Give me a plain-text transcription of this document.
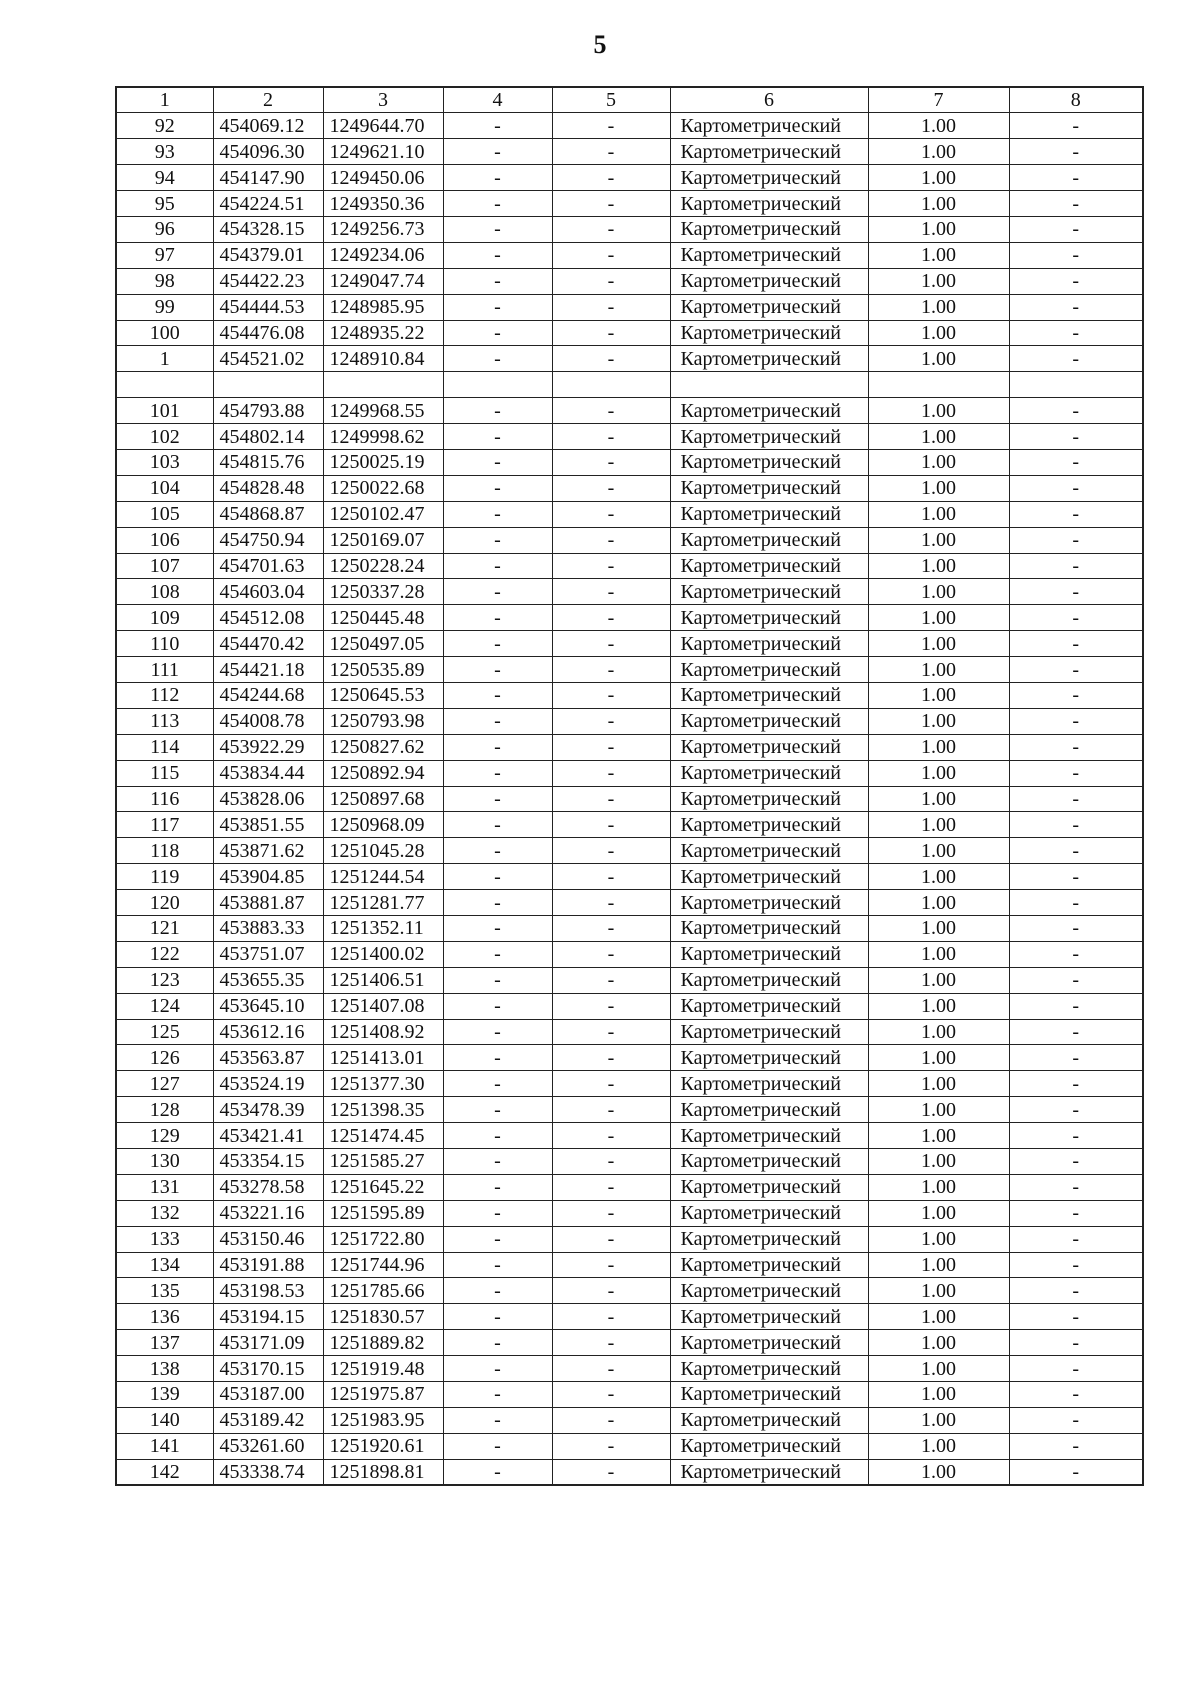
5
1	2	3	4	5	6	7	8
92	454069.12	1249644.70	-	-	Картометрический	1.00	-
93	454096.30	1249621.10	-	-	Картометрический	1.00	-
94	454147.90	1249450.06	-	-	Картометрический	1.00	-
95	454224.51	1249350.36	-	-	Картометрический	1.00	-
96	454328.15	1249256.73	-	-	Картометрический	1.00	-
97	454379.01	1249234.06	-	-	Картометрический	1.00	-
98	454422.23	1249047.74	-	-	Картометрический	1.00	-
99	454444.53	1248985.95	-	-	Картометрический	1.00	-
100	454476.08	1248935.22	-	-	Картометрический	1.00	-
1	454521.02	1248910.84	-	-	Картометрический	1.00	-

101	454793.88	1249968.55	-	-	Картометрический	1.00	-
102	454802.14	1249998.62	-	-	Картометрический	1.00	-
103	454815.76	1250025.19	-	-	Картометрический	1.00	-
104	454828.48	1250022.68	-	-	Картометрический	1.00	-
105	454868.87	1250102.47	-	-	Картометрический	1.00	-
106	454750.94	1250169.07	-	-	Картометрический	1.00	-
107	454701.63	1250228.24	-	-	Картометрический	1.00	-
108	454603.04	1250337.28	-	-	Картометрический	1.00	-
109	454512.08	1250445.48	-	-	Картометрический	1.00	-
110	454470.42	1250497.05	-	-	Картометрический	1.00	-
111	454421.18	1250535.89	-	-	Картометрический	1.00	-
112	454244.68	1250645.53	-	-	Картометрический	1.00	-
113	454008.78	1250793.98	-	-	Картометрический	1.00	-
114	453922.29	1250827.62	-	-	Картометрический	1.00	-
115	453834.44	1250892.94	-	-	Картометрический	1.00	-
116	453828.06	1250897.68	-	-	Картометрический	1.00	-
117	453851.55	1250968.09	-	-	Картометрический	1.00	-
118	453871.62	1251045.28	-	-	Картометрический	1.00	-
119	453904.85	1251244.54	-	-	Картометрический	1.00	-
120	453881.87	1251281.77	-	-	Картометрический	1.00	-
121	453883.33	1251352.11	-	-	Картометрический	1.00	-
122	453751.07	1251400.02	-	-	Картометрический	1.00	-
123	453655.35	1251406.51	-	-	Картометрический	1.00	-
124	453645.10	1251407.08	-	-	Картометрический	1.00	-
125	453612.16	1251408.92	-	-	Картометрический	1.00	-
126	453563.87	1251413.01	-	-	Картометрический	1.00	-
127	453524.19	1251377.30	-	-	Картометрический	1.00	-
128	453478.39	1251398.35	-	-	Картометрический	1.00	-
129	453421.41	1251474.45	-	-	Картометрический	1.00	-
130	453354.15	1251585.27	-	-	Картометрический	1.00	-
131	453278.58	1251645.22	-	-	Картометрический	1.00	-
132	453221.16	1251595.89	-	-	Картометрический	1.00	-
133	453150.46	1251722.80	-	-	Картометрический	1.00	-
134	453191.88	1251744.96	-	-	Картометрический	1.00	-
135	453198.53	1251785.66	-	-	Картометрический	1.00	-
136	453194.15	1251830.57	-	-	Картометрический	1.00	-
137	453171.09	1251889.82	-	-	Картометрический	1.00	-
138	453170.15	1251919.48	-	-	Картометрический	1.00	-
139	453187.00	1251975.87	-	-	Картометрический	1.00	-
140	453189.42	1251983.95	-	-	Картометрический	1.00	-
141	453261.60	1251920.61	-	-	Картометрический	1.00	-
142	453338.74	1251898.81	-	-	Картометрический	1.00	-
